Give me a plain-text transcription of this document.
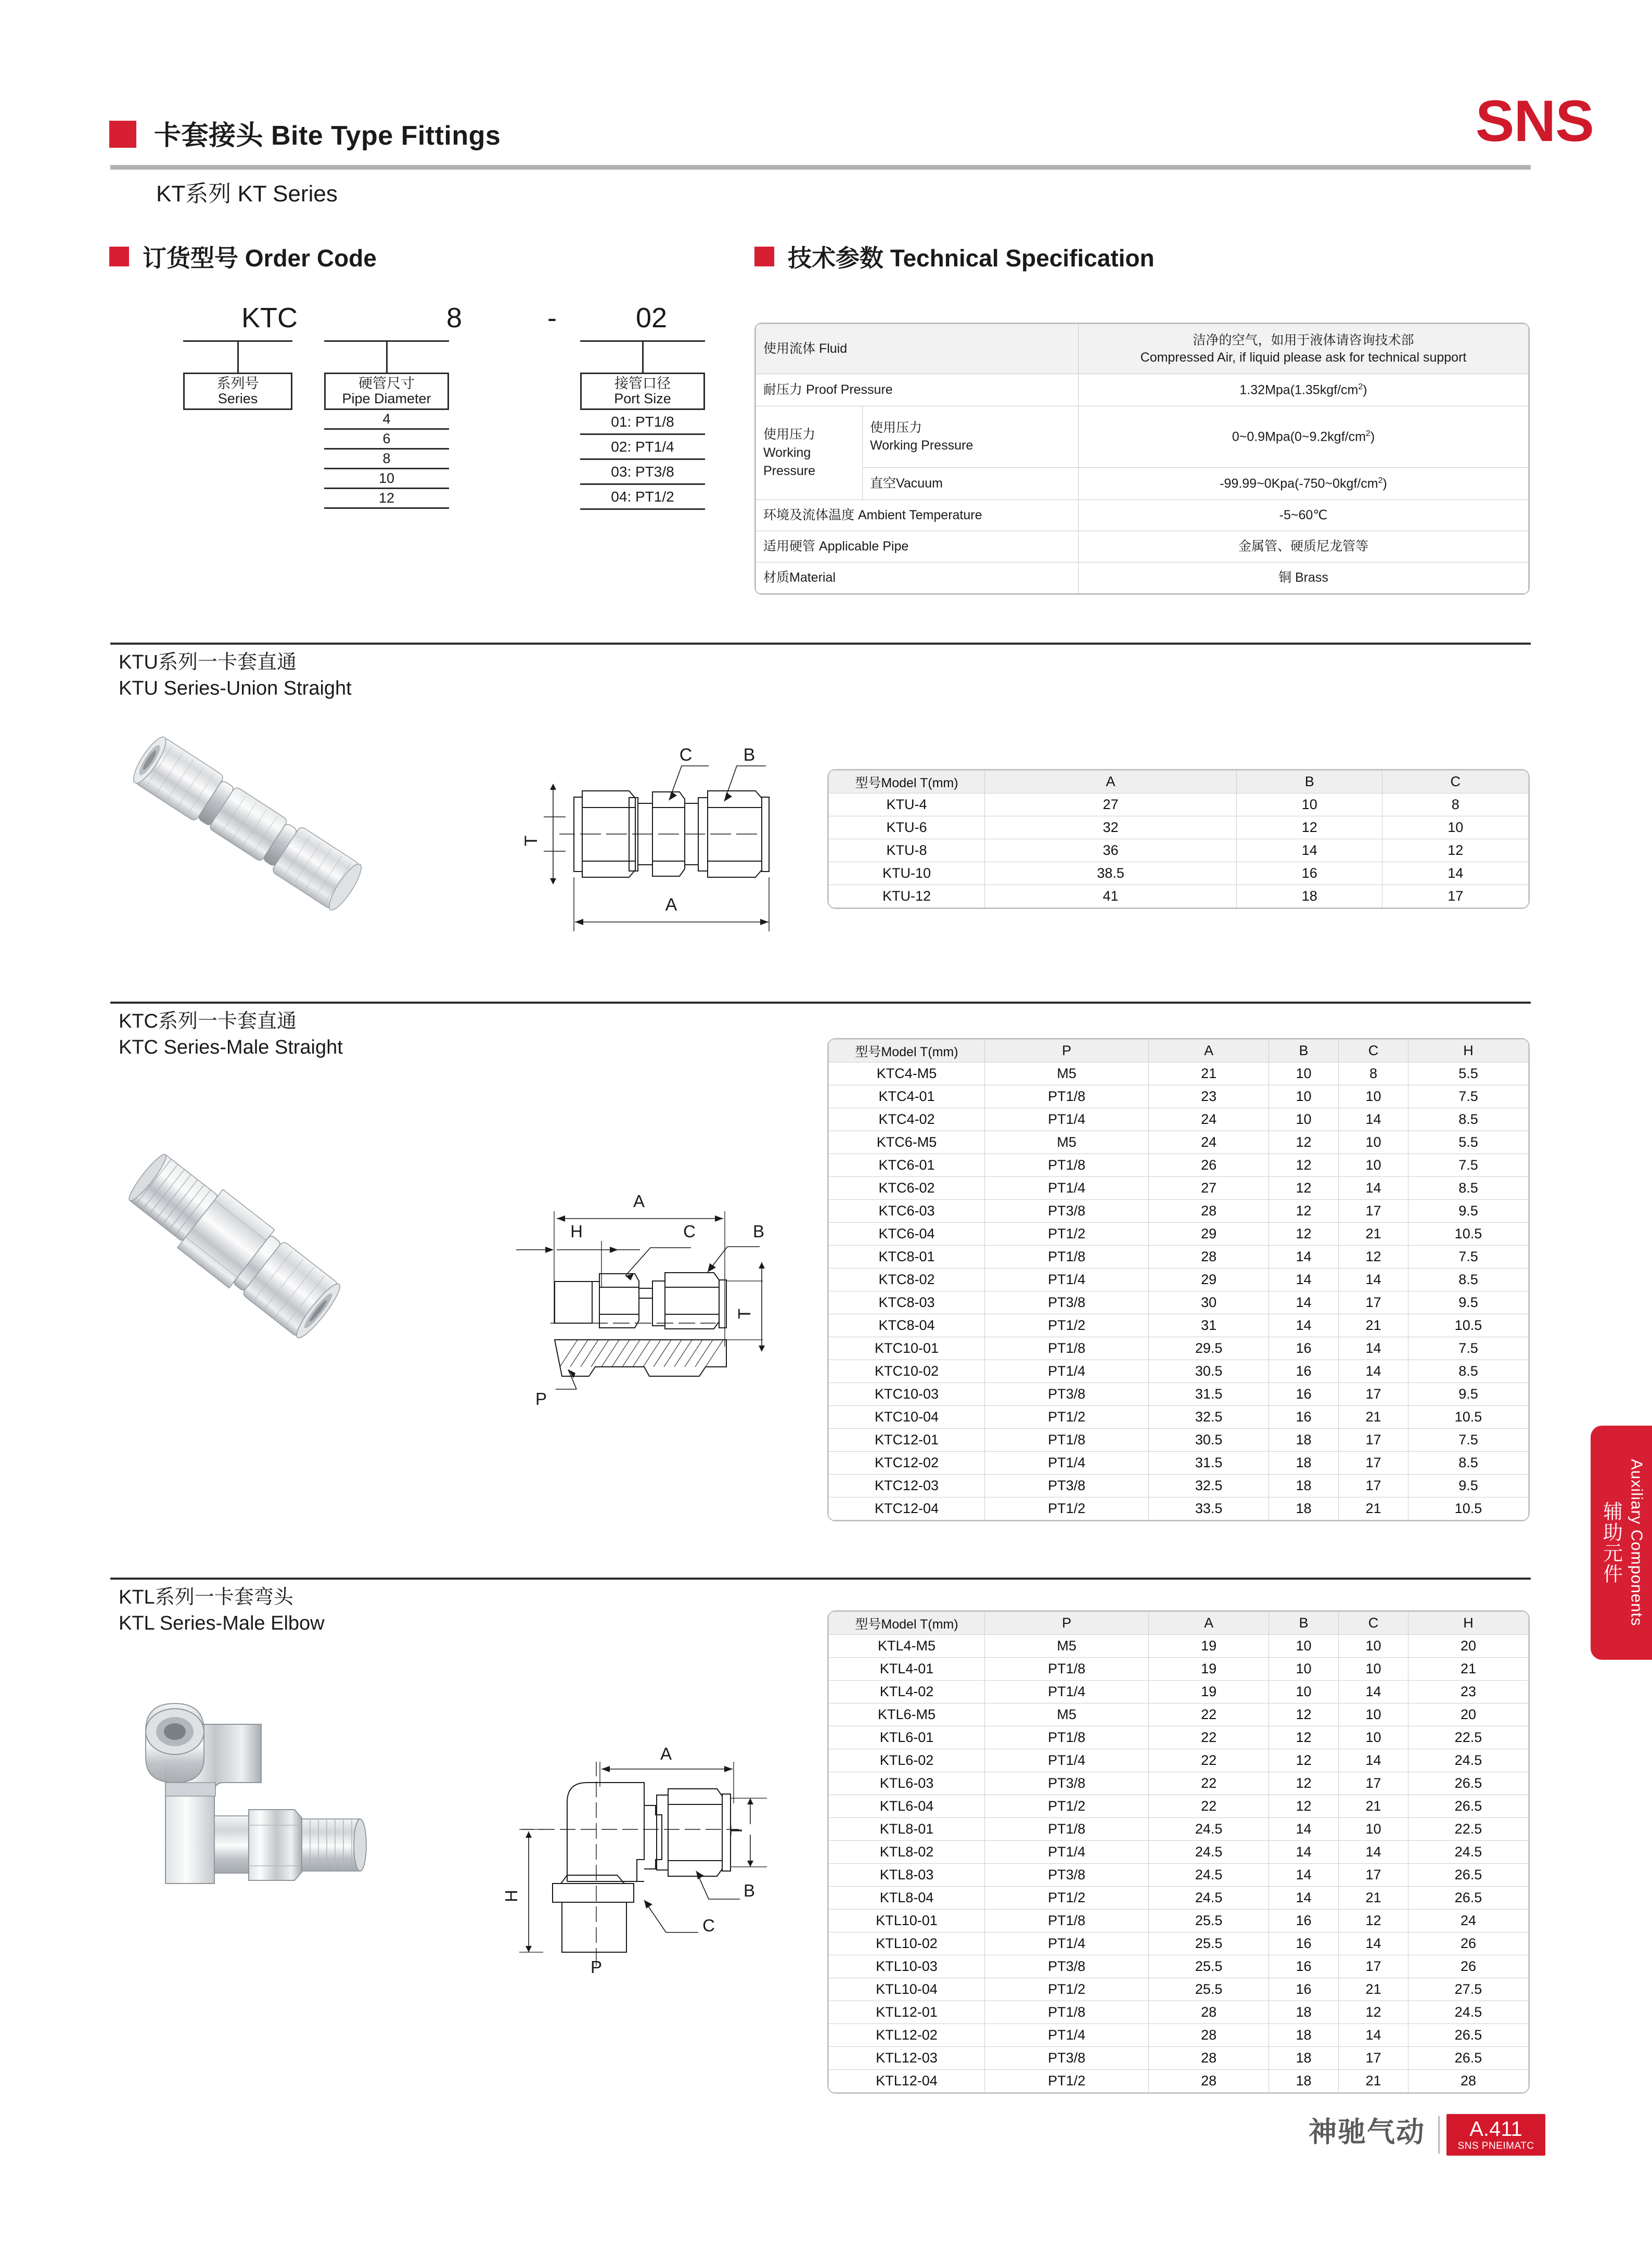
卡套接头 Bite Type Fittings
KT系列 KT Series
SNS
订货型号 Order Code
KTC	8	-	02
系列号
Series
硬管尺寸
Pipe Diameter
接管口径
Port Size
4
6
8
10
12
01: PT1/8
02: PT1/4
03: PT3/8
04: PT1/2
技术参数 Technical Specification
使用流体 Fluid		洁净的空气，如用于液体请咨询技术部
Compressed Air, if liquid please ask for technical support

耐压力 Proof Pressure		$1.32Mpa(1.35kgf/cm^2)$
使用压力
Working
Pressure	使用压力
Working Pressure	$0\sim 0.9Mpa(0\sim 9.2kgf/cm^2)$
	直空Vacuum	$-99.99\sim 0Kpa(-750\sim 0kgf/cm^2)$
环境及流体温度 Ambient Temperature		-5~60℃
适用硬管 Applicable Pipe		金属管、硬质尼龙管等
材质Material		铜 Brass
KTU系列一卡套直通
KTU Series-Union Straight
T
A
C	B
型号Model T(mm)	A	B	C
KTU-4	27	10	8
KTU-6	32	12	10
KTU-8	36	14	12
KTU-10	38.5	16	14
KTU-12	41	18	17
KTC系列一卡套直通
KTC Series-Male Straight
A
H	C	B
T
P
型号Model T(mm)	P	A	B	C	H
KTC4-M5	M5	21	10	8	5.5
KTC4-01	PT1/8	23	10	10	7.5
KTC4-02	PT1/4	24	10	14	8.5
KTC6-M5	M5	24	12	10	5.5
KTC6-01	PT1/8	26	12	10	7.5
KTC6-02	PT1/4	27	12	14	8.5
KTC6-03	PT3/8	28	12	17	9.5
KTC6-04	PT1/2	29	12	21	10.5
KTC8-01	PT1/8	28	14	12	7.5
KTC8-02	PT1/4	29	14	14	8.5
KTC8-03	PT3/8	30	14	17	9.5
KTC8-04	PT1/2	31	14	21	10.5
KTC10-01	PT1/8	29.5	16	14	7.5
KTC10-02	PT1/4	30.5	16	14	8.5
KTC10-03	PT3/8	31.5	16	17	9.5
KTC10-04	PT1/2	32.5	16	21	10.5
KTC12-01	PT1/8	30.5	18	17	7.5
KTC12-02	PT1/4	31.5	18	17	8.5
KTC12-03	PT3/8	32.5	18	17	9.5
KTC12-04	PT1/2	33.5	18	21	10.5
KTL系列一卡套弯头
KTL Series-Male Elbow
A
T
H	B
C
P
型号Model T(mm)	P	A	B	C	H
KTL4-M5	M5	19	10	10	20
KTL4-01	PT1/8	19	10	10	21
KTL4-02	PT1/4	19	10	14	23
KTL6-M5	M5	22	12	10	20
KTL6-01	PT1/8	22	12	10	22.5
KTL6-02	PT1/4	22	12	14	24.5
KTL6-03	PT3/8	22	12	17	26.5
KTL6-04	PT1/2	22	12	21	26.5
KTL8-01	PT1/8	24.5	14	10	22.5
KTL8-02	PT1/4	24.5	14	14	24.5
KTL8-03	PT3/8	24.5	14	17	26.5
KTL8-04	PT1/2	24.5	14	21	26.5
KTL10-01	PT1/8	25.5	16	12	24
KTL10-02	PT1/4	25.5	16	14	26
KTL10-03	PT3/8	25.5	16	17	26
KTL10-04	PT1/2	25.5	16	21	27.5
KTL12-01	PT1/8	28	18	12	24.5
KTL12-02	PT1/4	28	18	14	26.5
KTL12-03	PT3/8	28	18	17	26.5
KTL12-04	PT1/2	28	18	21	28
辅助元件 Auxiliary Components
神驰气动 A.411
SNS PNEIMATC
